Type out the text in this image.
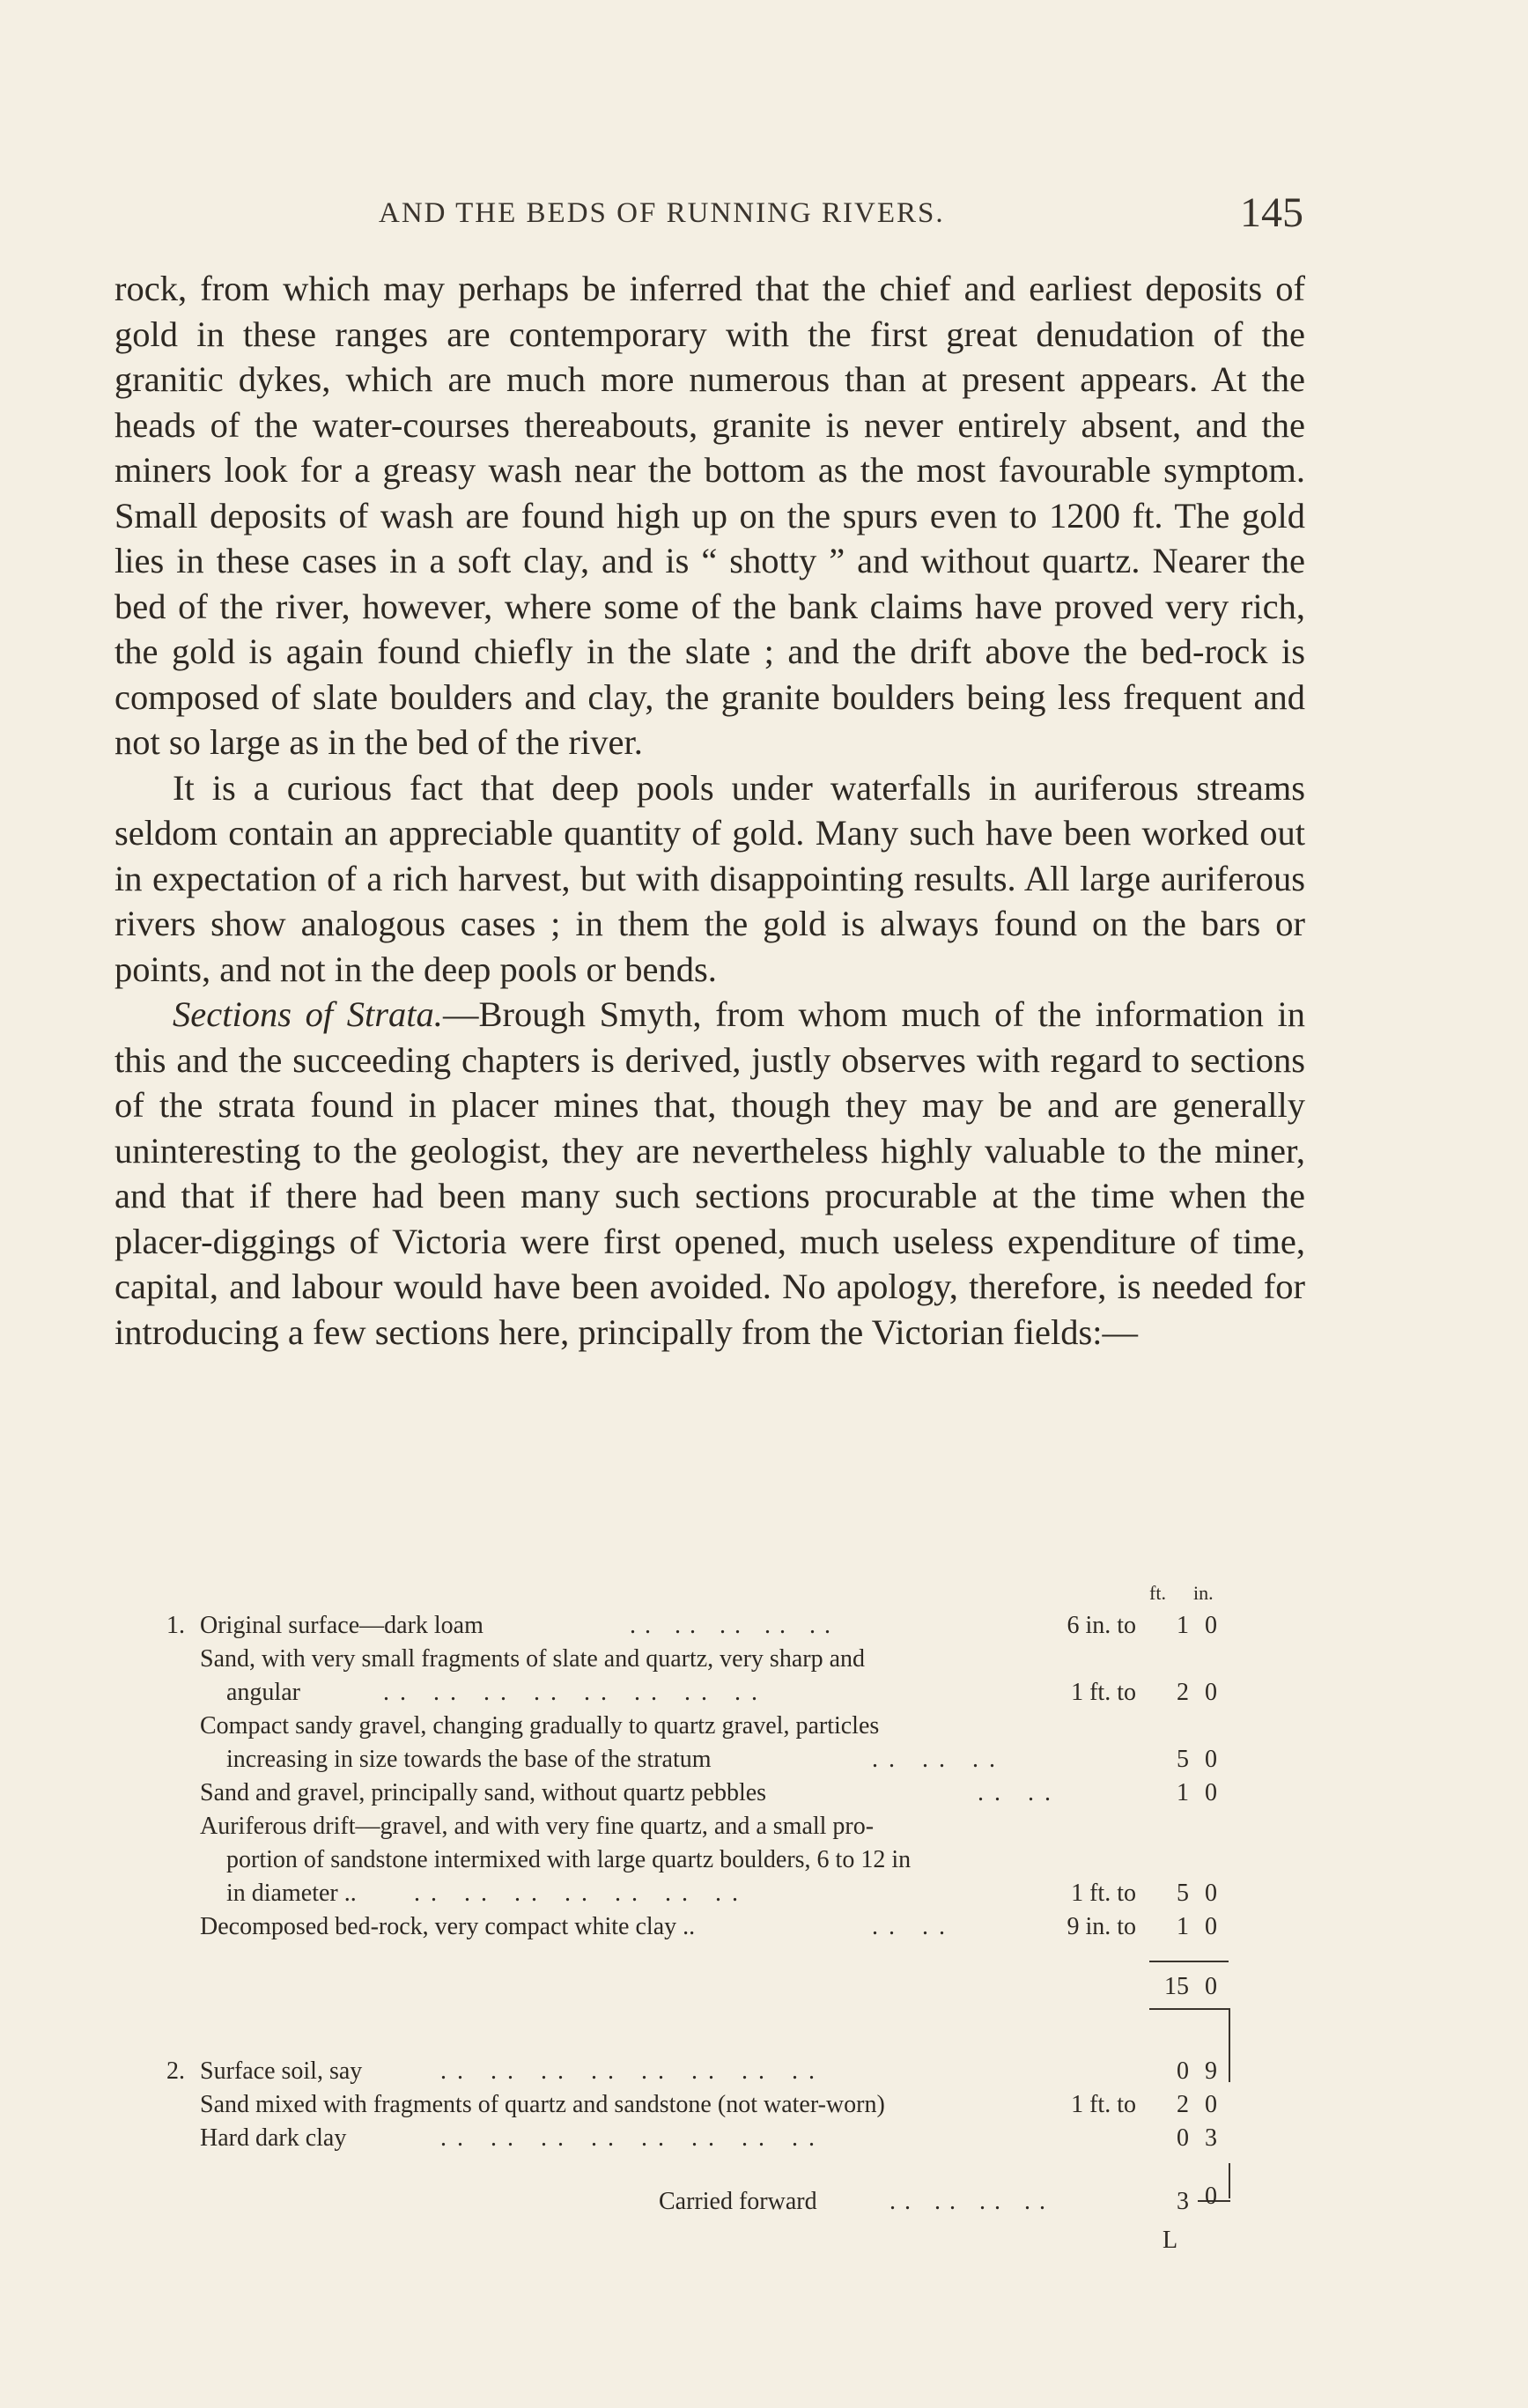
AND THE BEDS OF RUNNING RIVERS.	145

rock, from which may perhaps be inferred that the chief and earliest deposits of gold in these ranges are contemporary with the first great denudation of the granitic dykes, which are much more numerous than at present appears. At the heads of the water-courses thereabouts, granite is never entirely absent, and the miners look for a greasy wash near the bottom as the most favourable symptom. Small deposits of wash are found high up on the spurs even to 1200 ft. The gold lies in these cases in a soft clay, and is “ shotty ” and without quartz. Nearer the bed of the river, however, where some of the bank claims have proved very rich, the gold is again found chiefly in the slate ; and the drift above the bed-rock is composed of slate boulders and clay, the granite boulders being less frequent and not so large as in the bed of the river.

It is a curious fact that deep pools under waterfalls in auriferous streams seldom contain an appreciable quantity of gold. Many such have been worked out in expectation of a rich harvest, but with disappointing results. All large auriferous rivers show analogous cases ; in them the gold is always found on the bars or points, and not in the deep pools or bends.

Sections of Strata.—Brough Smyth, from whom much of the information in this and the succeeding chapters is derived, justly observes with regard to sections of the strata found in placer mines that, though they may be and are generally uninteresting to the geologist, they are nevertheless highly valuable to the miner, and that if there had been many such sections procurable at the time when the placer-diggings of Victoria were first opened, much useless expenditure of time, capital, and labour would have been avoided. No apology, therefore, is needed for introducing a few sections here, principally from the Victorian fields:—

ft. in.
1. Original surface—dark loam	.. .. .. .. ..	6 in. to	1 0
Sand, with very small fragments of slate and quartz, very sharp and
angular	.. .. .. .. .. .. .. ..	1 ft. to	2 0
Compact sandy gravel, changing gradually to quartz gravel, particles
increasing in size towards the base of the stratum	.. .. ..	5 0
Sand and gravel, principally sand, without quartz pebbles	.. ..	1 0
Auriferous drift—gravel, and with very fine quartz, and a small pro-
portion of sandstone intermixed with large quartz boulders, 6 to 12 in
in diameter .. .. .. .. .. .. .. ..	1 ft. to	5 0
Decomposed bed-rock, very compact white clay ..	.. ..	9 in. to	1 0
15 0
2. Surface soil, say	.. .. .. .. .. .. .. ..	0 9
Sand mixed with fragments of quartz and sandstone (not water-worn)	1 ft. to	2 0
Hard dark clay	.. .. .. .. .. .. .. ..	0 3
Carried forward	.. .. .. ..	3 0
L
